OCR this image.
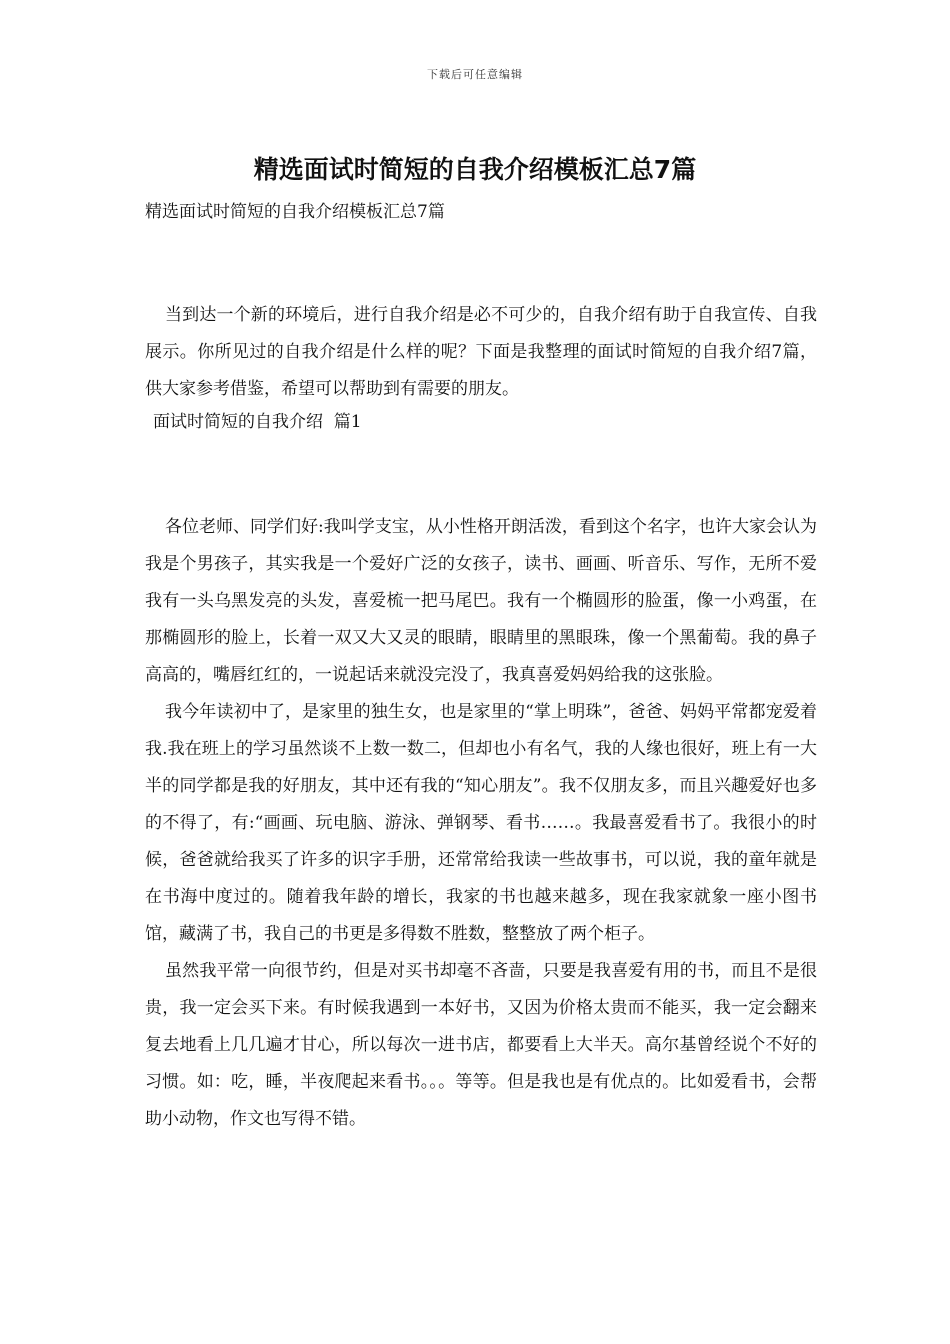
下载后可任意编辑
精选面试时简短的自我介绍模板汇总7篇
精选面试时简短的自我介绍模板汇总7篇

当到达一个新的环境后，进行自我介绍是必不可少的，自我介绍有助于自我宣传、自我展示。你所见过的自我介绍是什么样的呢？下面是我整理的面试时简短的自我介绍7篇，供大家参考借鉴，希望可以帮助到有需要的朋友。

面试时简短的自我介绍  篇1

各位老师、同学们好:我叫学支宝，从小性格开朗活泼，看到这个名字，也许大家会认为我是个男孩子，其实我是一个爱好广泛的女孩子，读书、画画、听音乐、写作，无所不爱我有一头乌黑发亮的头发，喜爱梳一把马尾巴。我有一个椭圆形的脸蛋，像一小鸡蛋，在那椭圆形的脸上，长着一双又大又灵的眼睛，眼睛里的黑眼珠，像一个黑葡萄。我的鼻子高高的，嘴唇红红的，一说起话来就没完没了，我真喜爱妈妈给我的这张脸。

我今年读初中了，是家里的独生女，也是家里的“掌上明珠”，爸爸、妈妈平常都宠爱着我.我在班上的学习虽然谈不上数一数二，但却也小有名气，我的人缘也很好，班上有一大半的同学都是我的好朋友，其中还有我的“知心朋友”。我不仅朋友多，而且兴趣爱好也多的不得了，有:“画画、玩电脑、游泳、弹钢琴、看书……。我最喜爱看书了。我很小的时候，爸爸就给我买了许多的识字手册，还常常给我读一些故事书，可以说，我的童年就是在书海中度过的。随着我年龄的增长，我家的书也越来越多，现在我家就象一座小图书馆，藏满了书，我自己的书更是多得数不胜数，整整放了两个柜子。

虽然我平常一向很节约，但是对买书却毫不吝啬，只要是我喜爱有用的书，而且不是很贵，我一定会买下来。有时候我遇到一本好书，又因为价格太贵而不能买，我一定会翻来复去地看上几几遍才甘心，所以每次一进书店，都要看上大半天。高尔基曾经说个不好的习惯。如：吃，睡，半夜爬起来看书。。。等等。但是我也是有优点的。比如爱看书，会帮助小动物，作文也写得不错。
